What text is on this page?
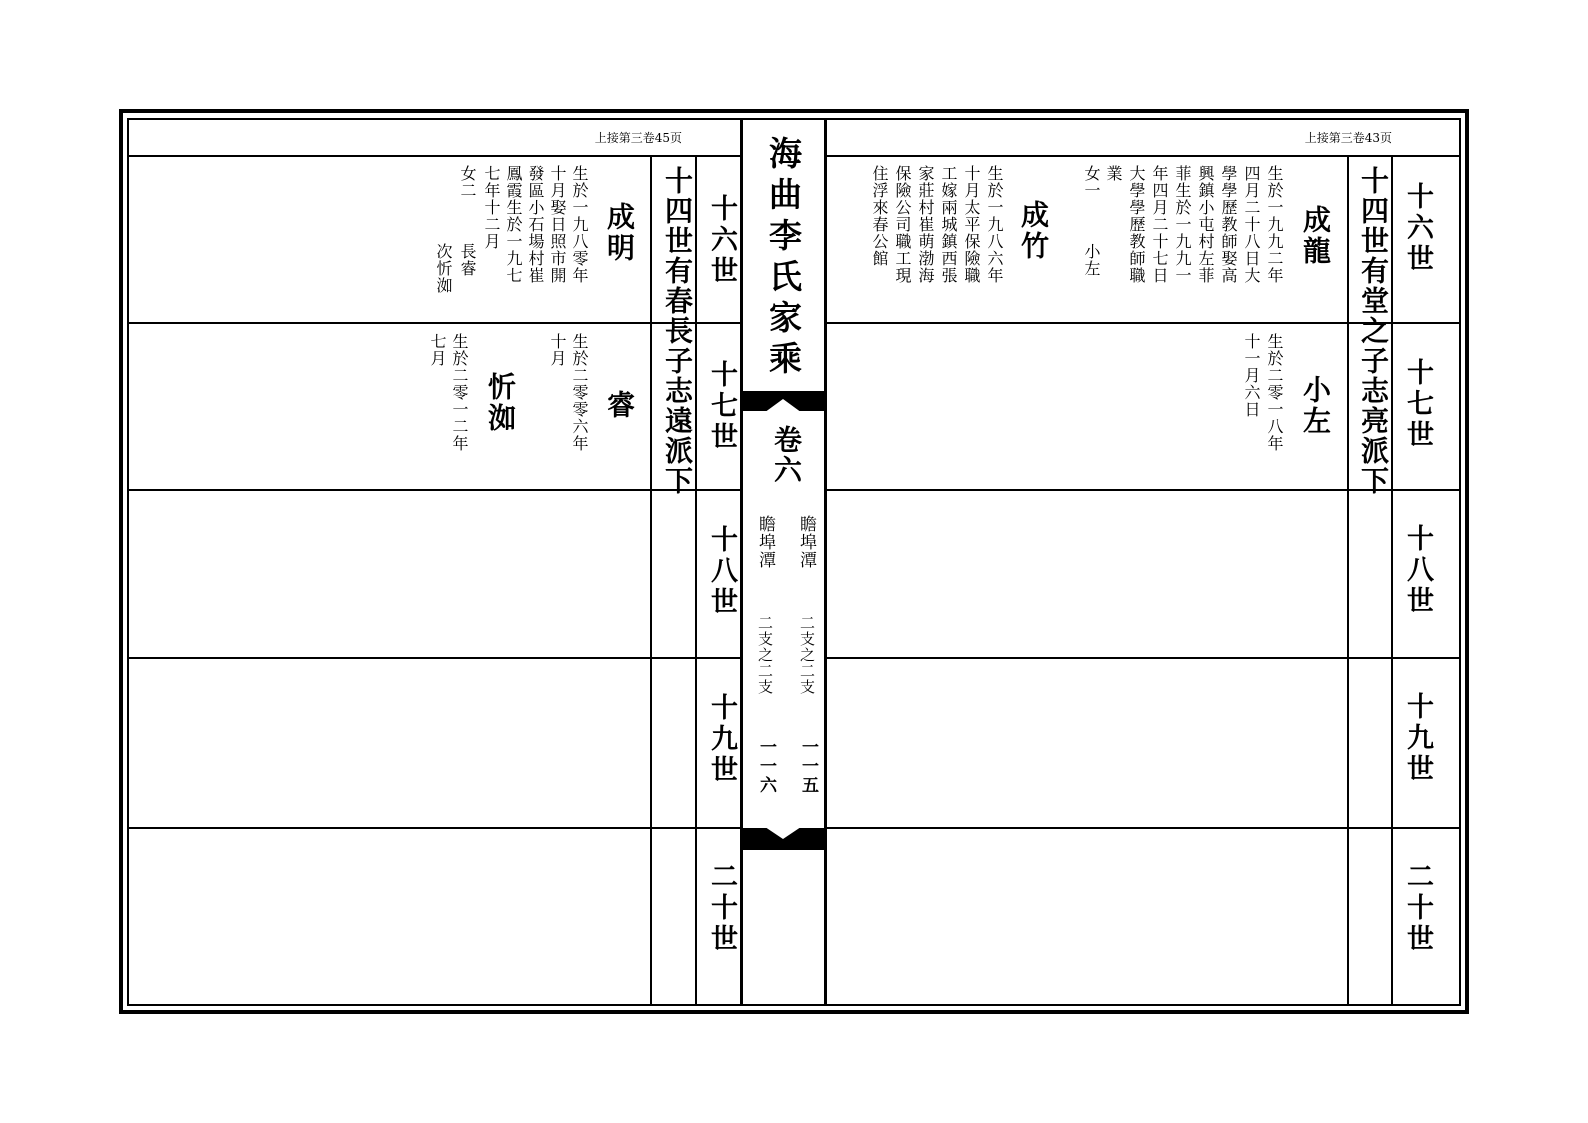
上接第三卷45页	上接第三卷43页
海曲李氏家乘
卷六
瞻埠潭
瞻埠潭
二支之二支
二支之二支
一一五
一一六
十六世
十七世
十八世
十九世
二十世
十六世
十七世
十八世
十九世
二十世
十四世有春長子志遠派下	十四世有堂之子志亮派下
成明
生於一九八零年
十月娶日照市開
發區小石場村崔
鳳霞生於一九七
七年十二月
女二
長睿
次忻洳
睿
生於二零零六年
十月
忻洳
生於二零一二年
七月
成龍
生於一九九二年
四月二十八日大
學學歷教師娶高
興鎮小屯村左菲
菲生於一九九一
年四月二十七日
大學學歷教師職
業
女一
小左
成竹
生於一九八六年
十月太平保險職
工嫁兩城鎮西張
家莊村崔萌渤海
保險公司職工現
住浮來春公館
小左
生於二零一八年
十一月六日
